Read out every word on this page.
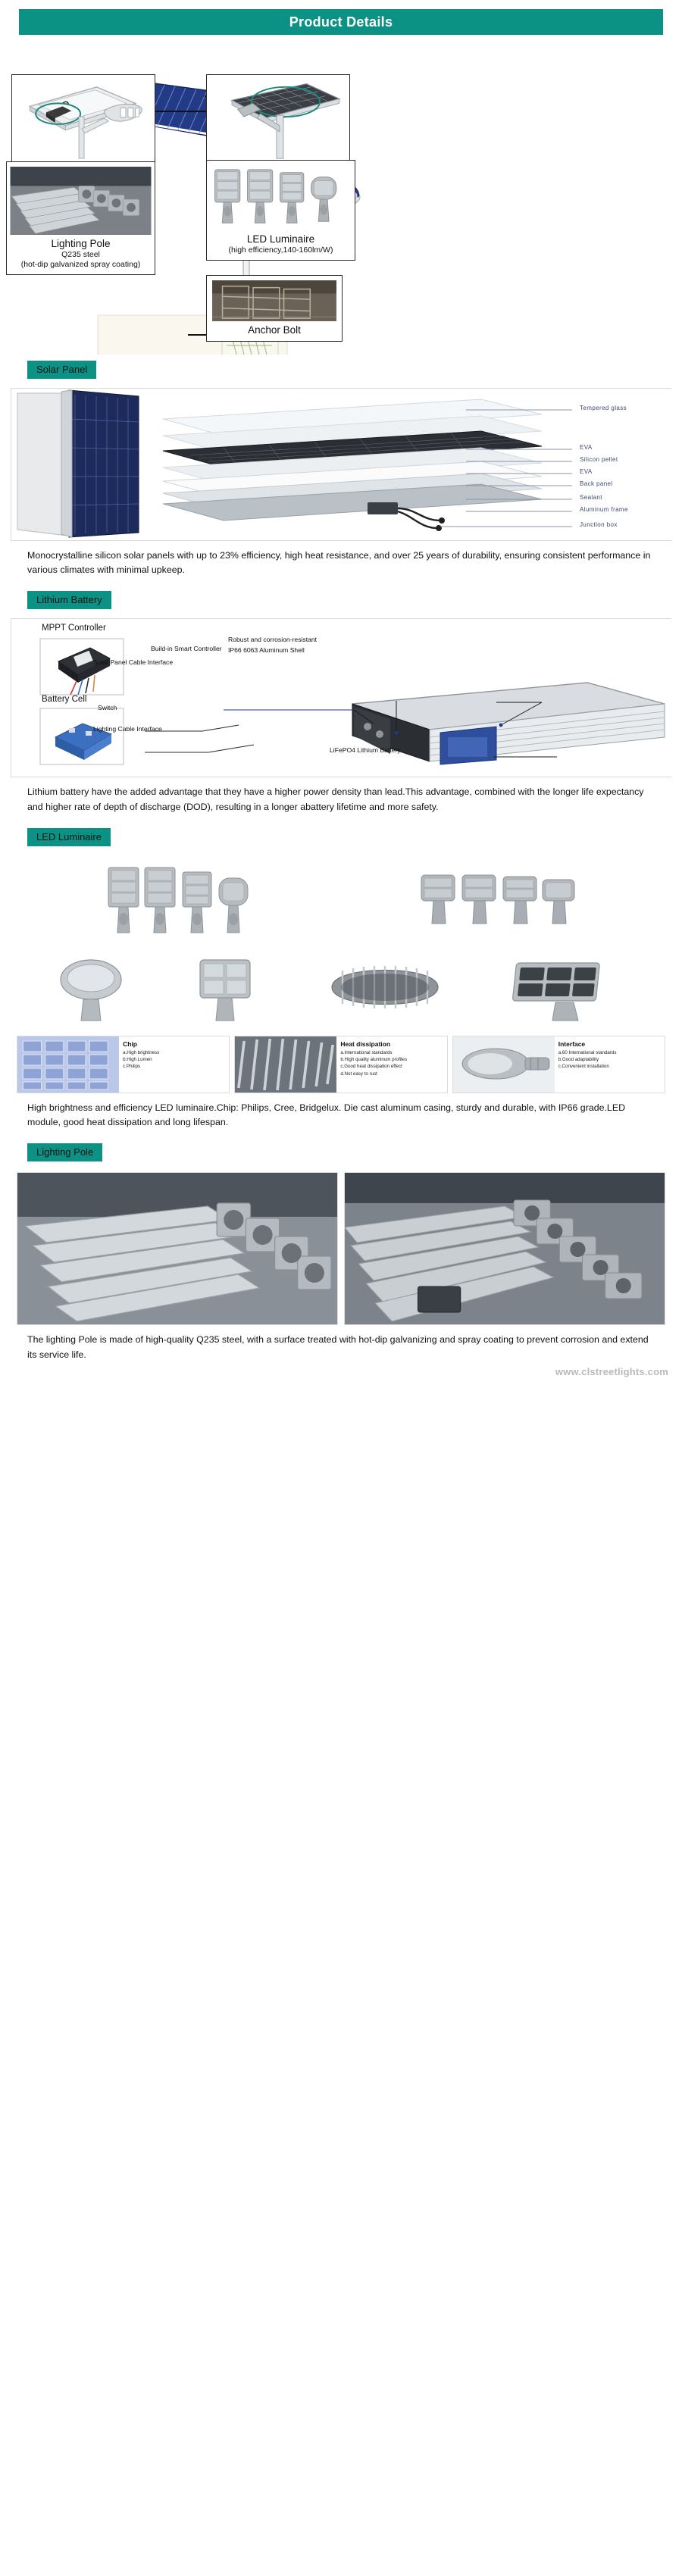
Product Details
Lighting Pole
Q235 steel
(hot-dip galvanized spray coating)
LED Luminaire
(high efficiency,140-160lm/W)
Anchor Bolt
Solar Panel
Tempered glass
EVA
Silicon pellet
EVA
Back panel
Sealant
Aluminum frame
Junction box

Monocrystalline silicon solar panels with up to 23% efficiency, high heat resistance, and over 25 years of durability, ensuring consistent performance in various climates with minimal upkeep.

Lithium Battery
MPPT Controller
Battery Cell
Solar Panel Cable Interface
Build-in Smart Controller
Robust and corrosion-resistant
IP66 6063 Aluminum Shell
Switch
Lighting Cable Interface
LiFePO4 Lithium Battery

Lithium battery have the added advantage that they have a higher power density than lead.This advantage, combined with the longer life expectancy and higher rate of depth of discharge (DOD), resulting in a longer abattery lifetime and more safety.

LED Luminaire
Chip
a.High brightness
b.High Lumen
c.Philips
Heat dissipation
a.International standards
b.High quality aluminum profiles
c.Good heat dissipation effect
d.Not easy to rust
Interface
a.60 International standards
b.Good adaptability
c.Convenient installation

High brightness and efficiency LED luminaire.Chip: Philips, Cree, Bridgelux. Die cast aluminum casing, sturdy and durable, with IP66 grade.LED module, good heat dissipation and long lifespan.

Lighting Pole

The lighting Pole is made of high-quality Q235 steel, with a surface treated with hot-dip galvanizing and spray coating to prevent corrosion and extend its service life.

www.clstreetlights.com
